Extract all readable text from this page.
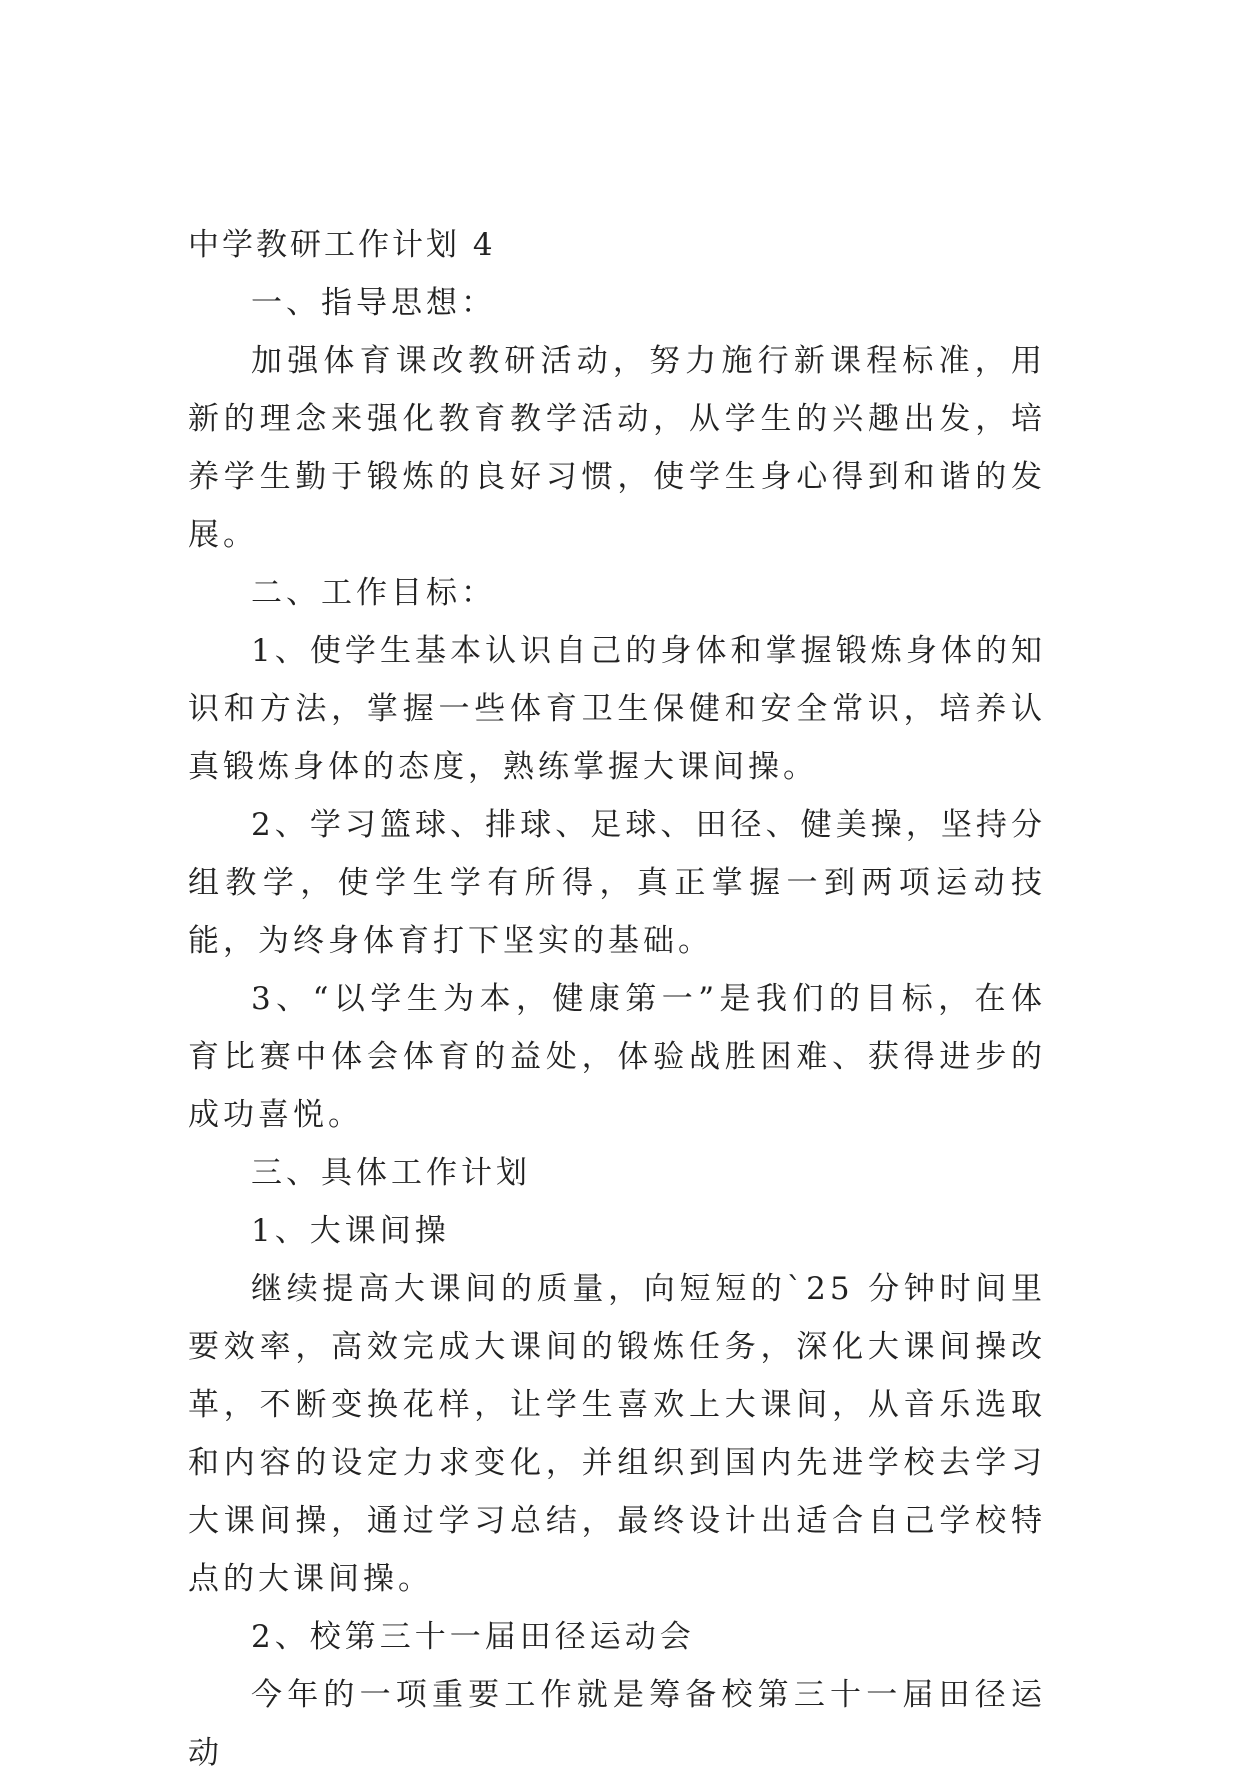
中学教研工作计划 4

一、指导思想：

加强体育课改教研活动，努力施行新课程标准，用新的理念来强化教育教学活动，从学生的兴趣出发，培养学生勤于锻炼的良好习惯，使学生身心得到和谐的发展。

二、工作目标：

1、使学生基本认识自己的身体和掌握锻炼身体的知识和方法，掌握一些体育卫生保健和安全常识，培养认真锻炼身体的态度，熟练掌握大课间操。

2、学习篮球、排球、足球、田径、健美操，坚持分组教学，使学生学有所得，真正掌握一到两项运动技能，为终身体育打下坚实的基础。

3、“以学生为本，健康第一”是我们的目标，在体育比赛中体会体育的益处，体验战胜困难、获得进步的成功喜悦。

三、具体工作计划

1、大课间操

继续提高大课间的质量，向短短的`25 分钟时间里要效率，高效完成大课间的锻炼任务，深化大课间操改革，不断变换花样，让学生喜欢上大课间，从音乐选取和内容的设定力求变化，并组织到国内先进学校去学习大课间操，通过学习总结，最终设计出适合自己学校特点的大课间操。

2、校第三十一届田径运动会

今年的一项重要工作就是筹备校第三十一届田径运动
